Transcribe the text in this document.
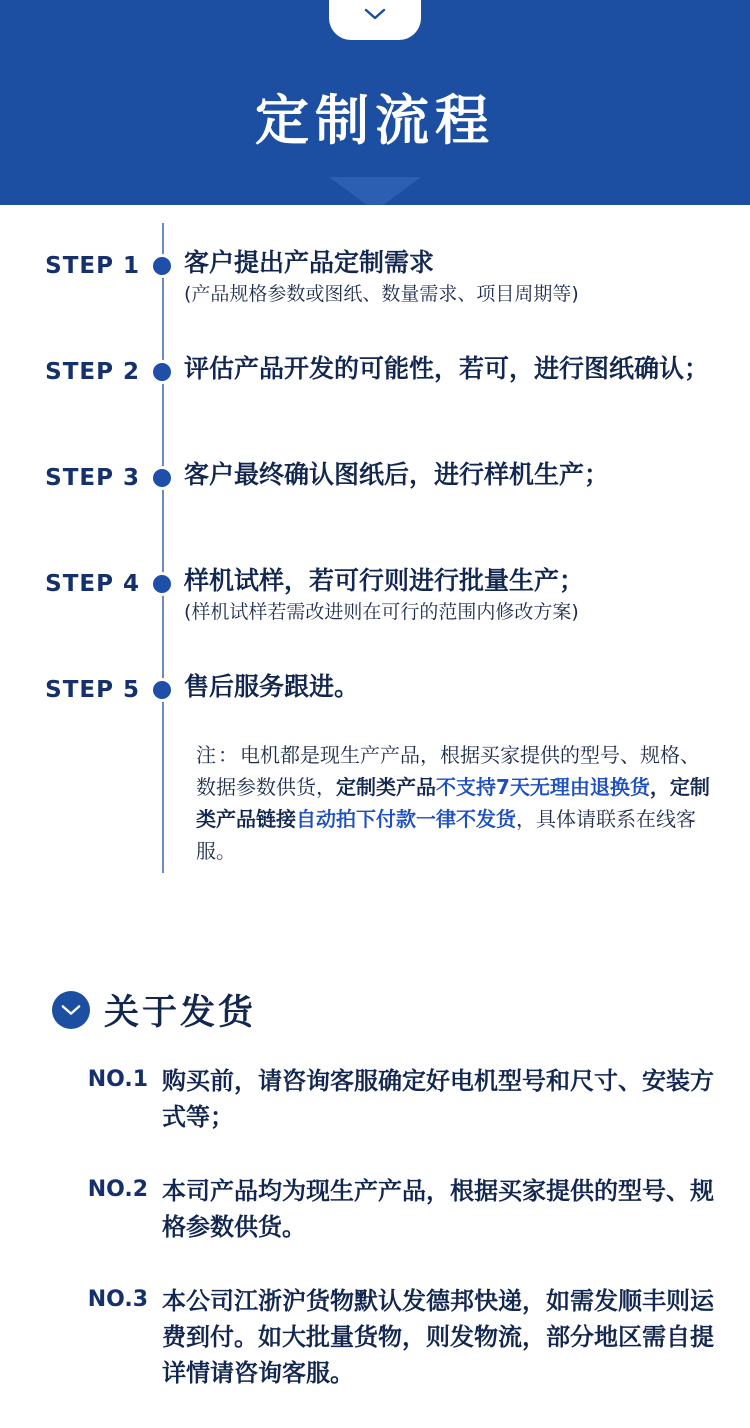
定制流程
STEP 1 客户提出产品定制需求
(产品规格参数或图纸、数量需求、项目周期等)
STEP 2 评估产品开发的可能性，若可，进行图纸确认；
STEP 3 客户最终确认图纸后，进行样机生产；
STEP 4 样机试样，若可行则进行批量生产；
(样机试样若需改进则在可行的范围内修改方案)
STEP 5 售后服务跟进。
注：电机都是现生产产品，根据买家提供的型号、规格、数据参数供货，定制类产品不支持7天无理由退换货，定制类产品链接自动拍下付款一律不发货，具体请联系在线客服。
关于发货
NO.1 购买前，请咨询客服确定好电机型号和尺寸、安装方式等；
NO.2 本司产品均为现生产产品，根据买家提供的型号、规格参数供货。
NO.3 本公司江浙沪货物默认发德邦快递，如需发顺丰则运费到付。如大批量货物，则发物流，部分地区需自提详情请咨询客服。
